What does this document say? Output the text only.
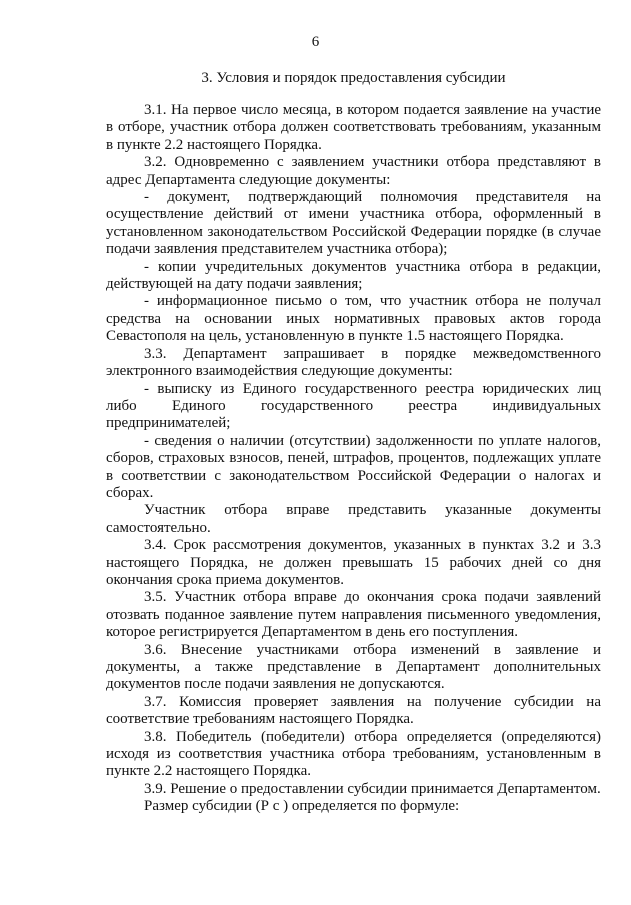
6
3. Условия и порядок предоставления субсидии

3.1. На первое число месяца, в котором подается заявление на участие в отборе, участник отбора должен соответствовать требованиям, указанным в пункте 2.2 настоящего Порядка.

3.2. Одновременно с заявлением участники отбора представляют в адрес Департамента следующие документы:

- документ, подтверждающий полномочия представителя на осуществление действий от имени участника отбора, оформленный в установленном законодательством Российской Федерации порядке (в случае подачи заявления представителем участника отбора);

- копии учредительных документов участника отбора в редакции, действующей на дату подачи заявления;

- информационное письмо о том, что участник отбора не получал средства на основании иных нормативных правовых актов города Севастополя на цель, установленную в пункте 1.5 настоящего Порядка.

3.3. Департамент запрашивает в порядке межведомственного электронного взаимодействия следующие документы:

- выписку из Единого государственного реестра юридических лиц либо Единого государственного реестра индивидуальных предпринимателей;

- сведения о наличии (отсутствии) задолженности по уплате налогов, сборов, страховых взносов, пеней, штрафов, процентов, подлежащих уплате в соответствии с законодательством Российской Федерации о налогах и сборах.

Участник отбора вправе представить указанные документы самостоятельно.

3.4. Срок рассмотрения документов, указанных в пунктах 3.2 и 3.3 настоящего Порядка, не должен превышать 15 рабочих дней со дня окончания срока приема документов.

3.5. Участник отбора вправе до окончания срока подачи заявлений отозвать поданное заявление путем направления письменного уведомления, которое регистрируется Департаментом в день его поступления.

3.6. Внесение участниками отбора изменений в заявление и документы, а также представление в Департамент дополнительных документов после подачи заявления не допускаются.

3.7. Комиссия проверяет заявления на получение субсидии на соответствие требованиям настоящего Порядка.

3.8. Победитель (победители) отбора определяется (определяются) исходя из соответствия участника отбора требованиям, установленным в пункте 2.2 настоящего Порядка.

3.9. Решение о предоставлении субсидии принимается Департаментом.

Размер субсидии (Р с ) определяется по формуле:
